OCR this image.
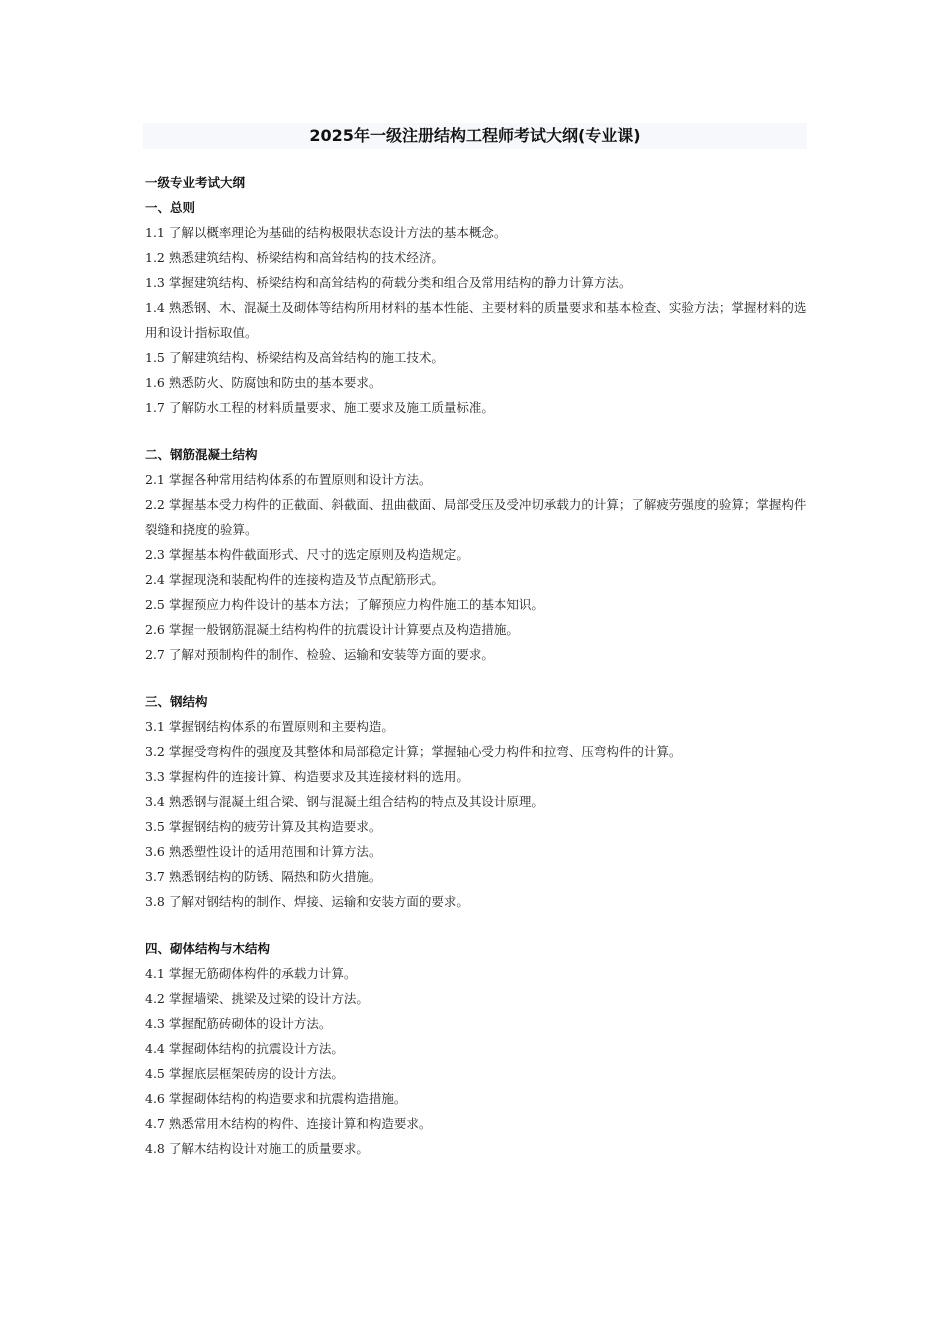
2025年一级注册结构工程师考试大纲(专业课)
一级专业考试大纲
一、总则
1.1 了解以概率理论为基础的结构极限状态设计方法的基本概念。
1.2 熟悉建筑结构、桥梁结构和高耸结构的技术经济。
1.3 掌握建筑结构、桥梁结构和高耸结构的荷载分类和组合及常用结构的静力计算方法。
1.4 熟悉钢、木、混凝土及砌体等结构所用材料的基本性能、主要材料的质量要求和基本检查、实验方法；掌握材料的选用和设计指标取值。
1.5 了解建筑结构、桥梁结构及高耸结构的施工技术。
1.6 熟悉防火、防腐蚀和防虫的基本要求。
1.7 了解防水工程的材料质量要求、施工要求及施工质量标准。
二、钢筋混凝土结构
2.1 掌握各种常用结构体系的布置原则和设计方法。
2.2 掌握基本受力构件的正截面、斜截面、扭曲截面、局部受压及受冲切承载力的计算；了解疲劳强度的验算；掌握构件裂缝和挠度的验算。
2.3 掌握基本构件截面形式、尺寸的选定原则及构造规定。
2.4 掌握现浇和装配构件的连接构造及节点配筋形式。
2.5 掌握预应力构件设计的基本方法；了解预应力构件施工的基本知识。
2.6 掌握一般钢筋混凝土结构构件的抗震设计计算要点及构造措施。
2.7 了解对预制构件的制作、检验、运输和安装等方面的要求。
三、钢结构
3.1 掌握钢结构体系的布置原则和主要构造。
3.2 掌握受弯构件的强度及其整体和局部稳定计算；掌握轴心受力构件和拉弯、压弯构件的计算。
3.3 掌握构件的连接计算、构造要求及其连接材料的选用。
3.4 熟悉钢与混凝土组合梁、钢与混凝土组合结构的特点及其设计原理。
3.5 掌握钢结构的疲劳计算及其构造要求。
3.6 熟悉塑性设计的适用范围和计算方法。
3.7 熟悉钢结构的防锈、隔热和防火措施。
3.8 了解对钢结构的制作、焊接、运输和安装方面的要求。
四、砌体结构与木结构
4.1 掌握无筋砌体构件的承载力计算。
4.2 掌握墙梁、挑梁及过梁的设计方法。
4.3 掌握配筋砖砌体的设计方法。
4.4 掌握砌体结构的抗震设计方法。
4.5 掌握底层框架砖房的设计方法。
4.6 掌握砌体结构的构造要求和抗震构造措施。
4.7 熟悉常用木结构的构件、连接计算和构造要求。
4.8 了解木结构设计对施工的质量要求。
